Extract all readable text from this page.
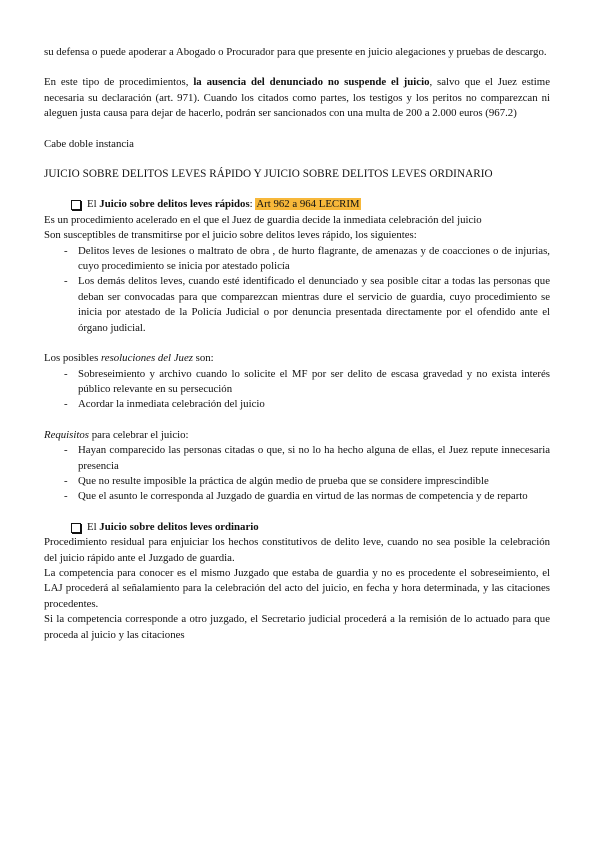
su defensa o puede apoderar a Abogado o Procurador para que presente en juicio alegaciones y pruebas de descargo.

En este tipo de procedimientos, la ausencia del denunciado no suspende el juicio, salvo que el Juez estime necesaria su declaración (art. 971). Cuando los citados como partes, los testigos y los peritos no comparezcan ni aleguen justa causa para dejar de hacerlo, podrán ser sancionados con una multa de 200 a 2.000 euros (967.2)

Cabe doble instancia

JUICIO SOBRE DELITOS LEVES RÁPIDO Y JUICIO SOBRE DELITOS LEVES ORDINARIO

El Juicio sobre delitos leves rápidos: Art 962 a 964 LECRIM

Es un procedimiento acelerado en el que el Juez de guardia decide la inmediata celebración del juicio

Son susceptibles de transmitirse por el juicio sobre delitos leves rápido, los siguientes:

- Delitos leves de lesiones o maltrato de obra , de hurto flagrante, de amenazas y de coacciones o de injurias, cuyo procedimiento se inicia por atestado policía
- Los demás delitos leves, cuando esté identificado el denunciado y sea posible citar a todas las personas que deban ser convocadas para que comparezcan mientras dure el servicio de guardia, cuyo procedimiento se inicia por atestado de la Policía Judicial o por denuncia presentada directamente por el ofendido ante el órgano judicial.

Los posibles resoluciones del Juez son:

- Sobreseimiento y archivo cuando lo solicite el MF por ser delito de escasa gravedad y no exista interés público relevante en su persecución
- Acordar la inmediata celebración del juicio

Requisitos para celebrar el juicio:

- Hayan comparecido las personas citadas o que, si no lo ha hecho alguna de ellas, el Juez repute innecesaria presencia
- Que no resulte imposible la práctica de algún medio de prueba que se considere imprescindible
- Que el asunto le corresponda al Juzgado de guardia en virtud de las normas de competencia y de reparto
El Juicio sobre delitos leves ordinario

Procedimiento residual para enjuiciar los hechos constitutivos de delito leve, cuando no sea posible la celebración del juicio rápido ante el Juzgado de guardia.

La competencia para conocer es el mismo Juzgado que estaba de guardia y no es procedente el sobreseimiento, el LAJ procederá al señalamiento para la celebración del acto del juicio, en fecha y hora determinada, y las citaciones procedentes.

Si la competencia corresponde a otro juzgado, el Secretario judicial procederá a la remisión de lo actuado para que proceda al juicio y las citaciones
